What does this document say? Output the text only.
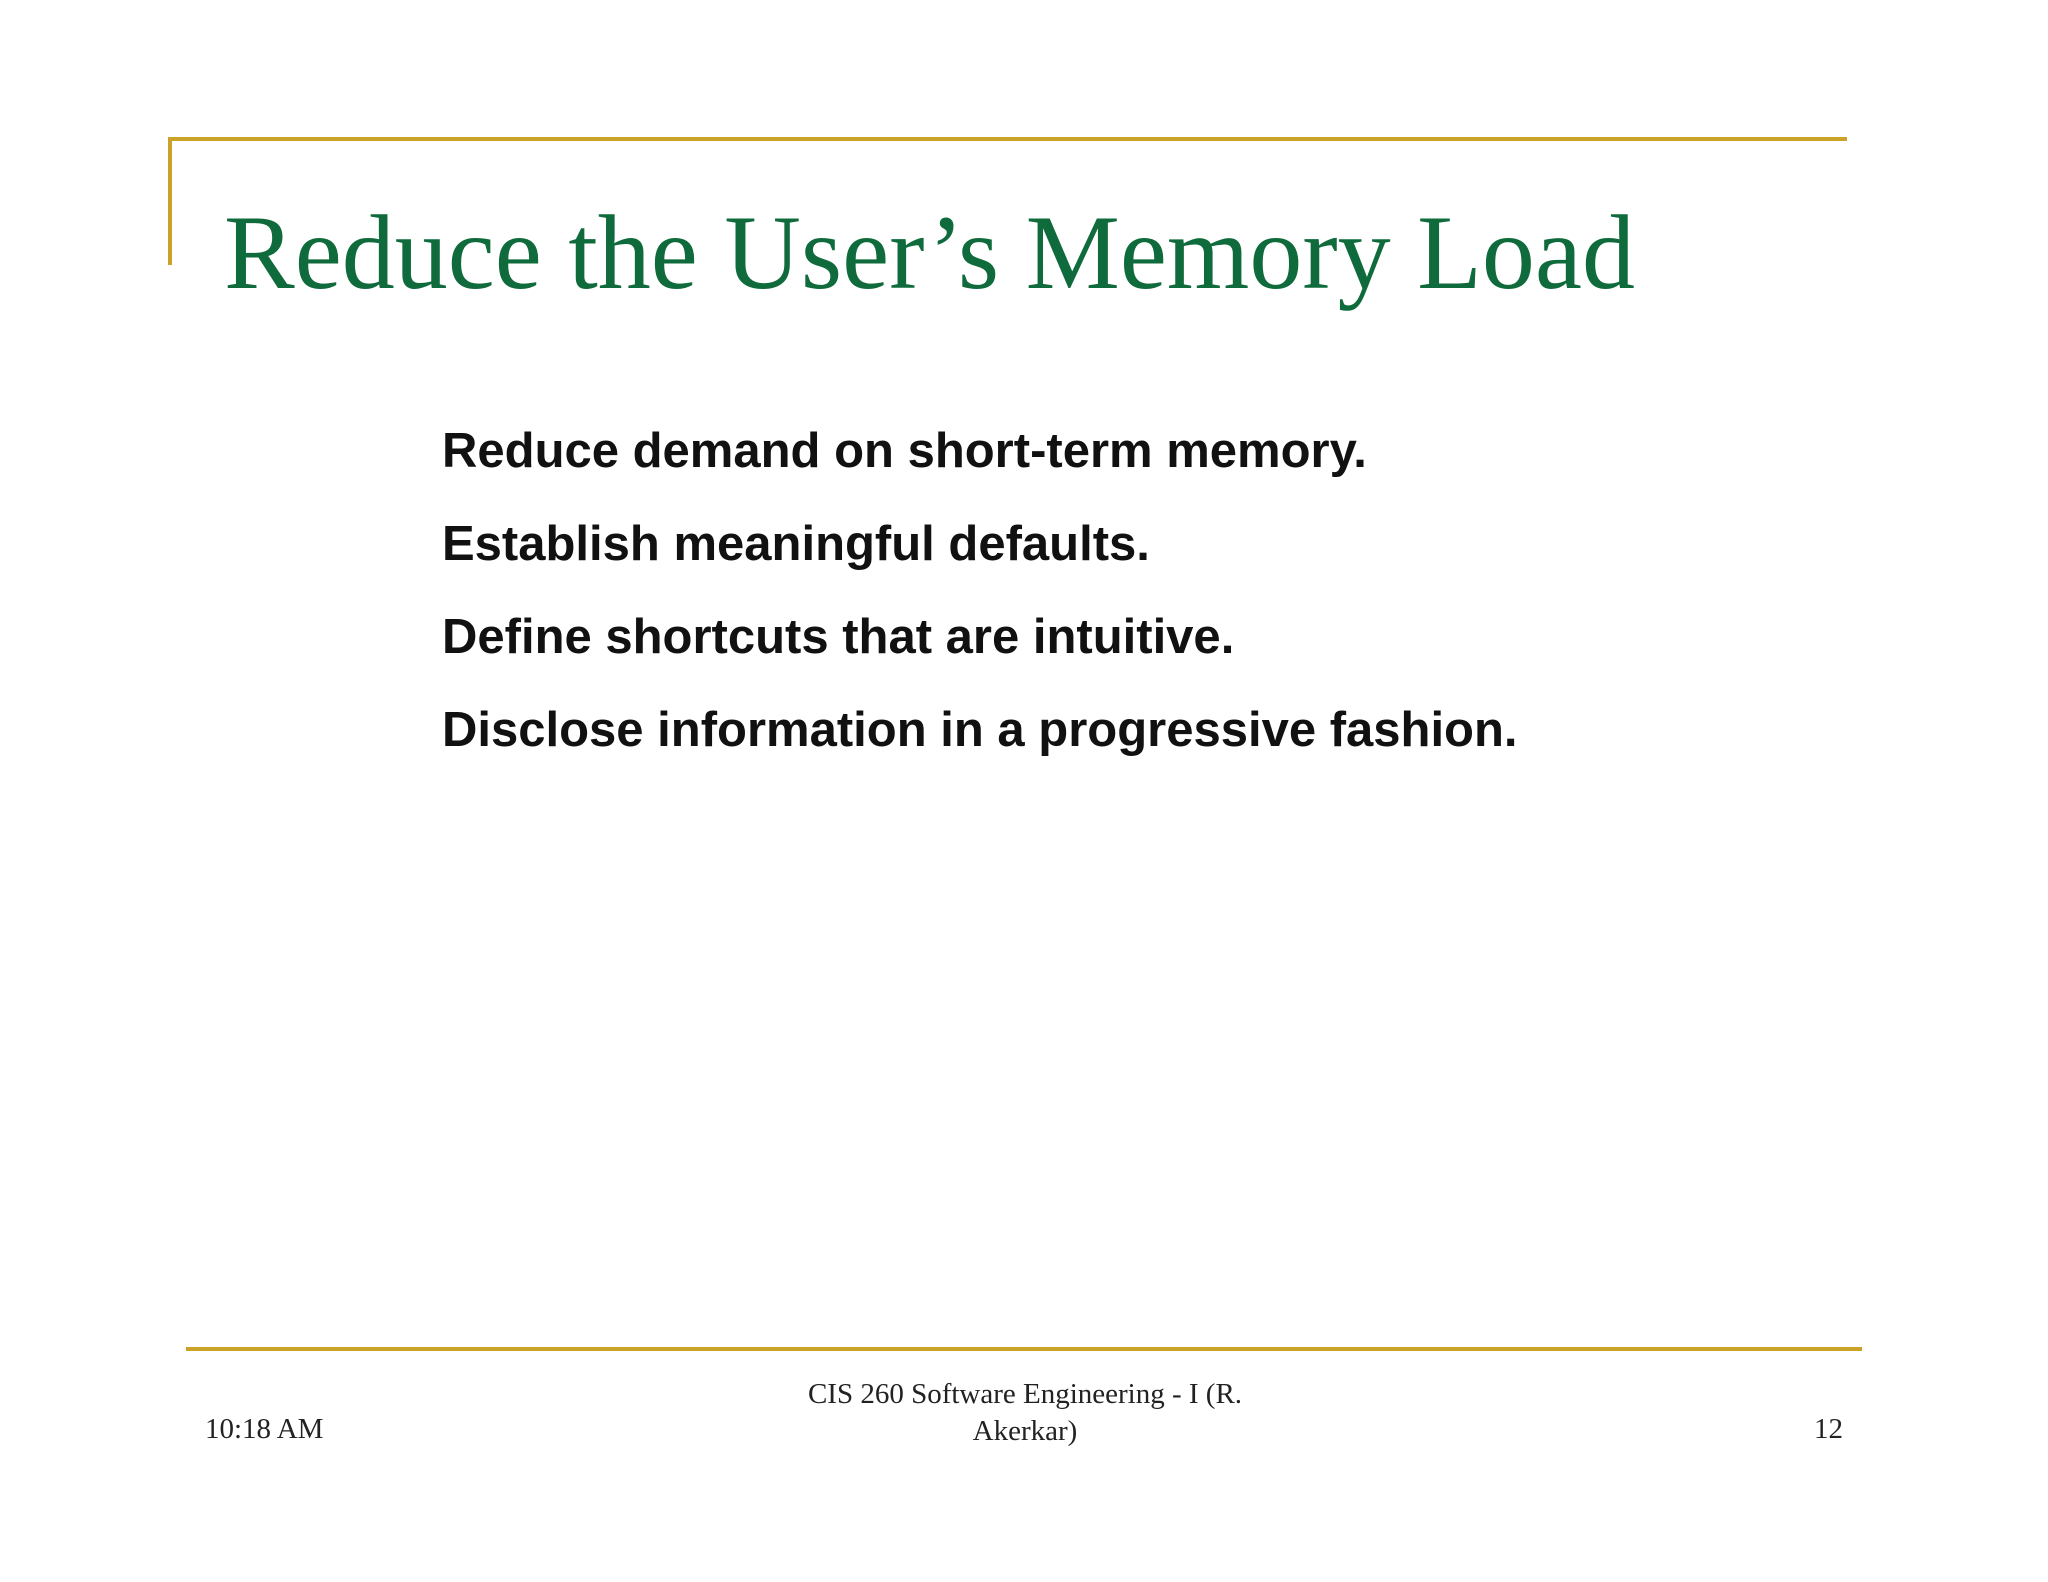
Reduce the User’s Memory Load
Reduce demand on short-term memory.
Establish meaningful defaults.
Define shortcuts that are intuitive.
Disclose information in a progressive fashion.
10:18 AM
CIS 260 Software Engineering - I (R.
Akerkar)	12
